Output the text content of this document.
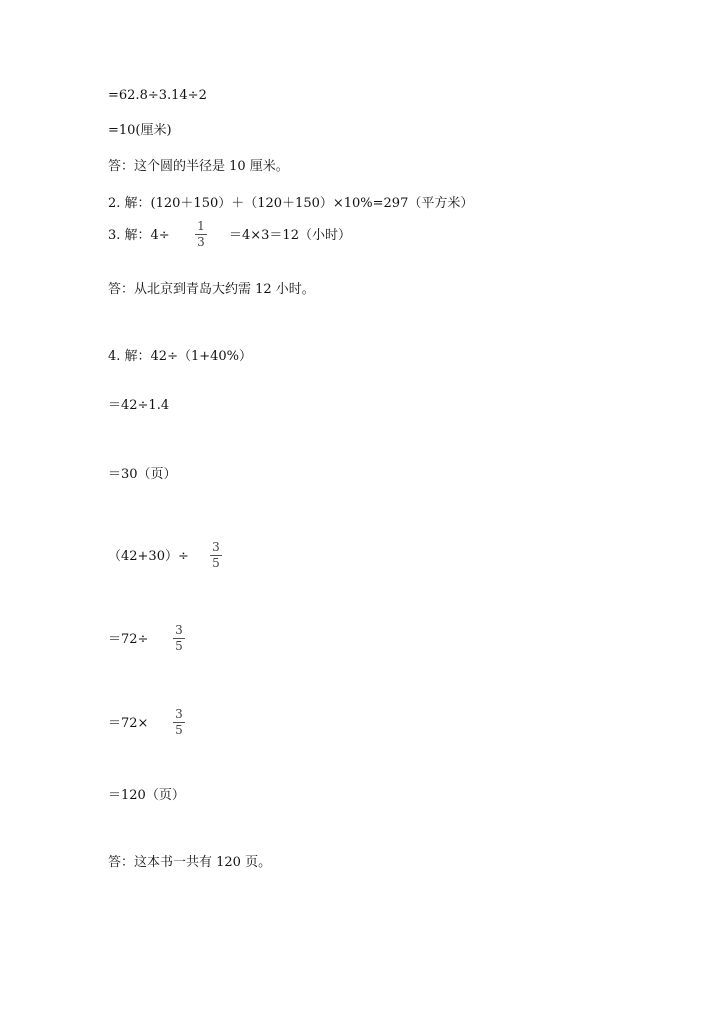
=62.8÷3.14÷2
=10(厘米)
答：这个圆的半径是 10 厘米。
2. 解：(120＋150）＋（120＋150）×10%=297（平方米）
3. 解：4÷
1
3 ＝4×3＝12（小时）
答：从北京到青岛大约需 12 小时。
4. 解：42÷（1+40%）
＝42÷1.4
＝30（页）
（42+30）÷
3
5
＝72÷
3
5
＝72×
3
5
＝120（页）
答：这本书一共有 120 页。
